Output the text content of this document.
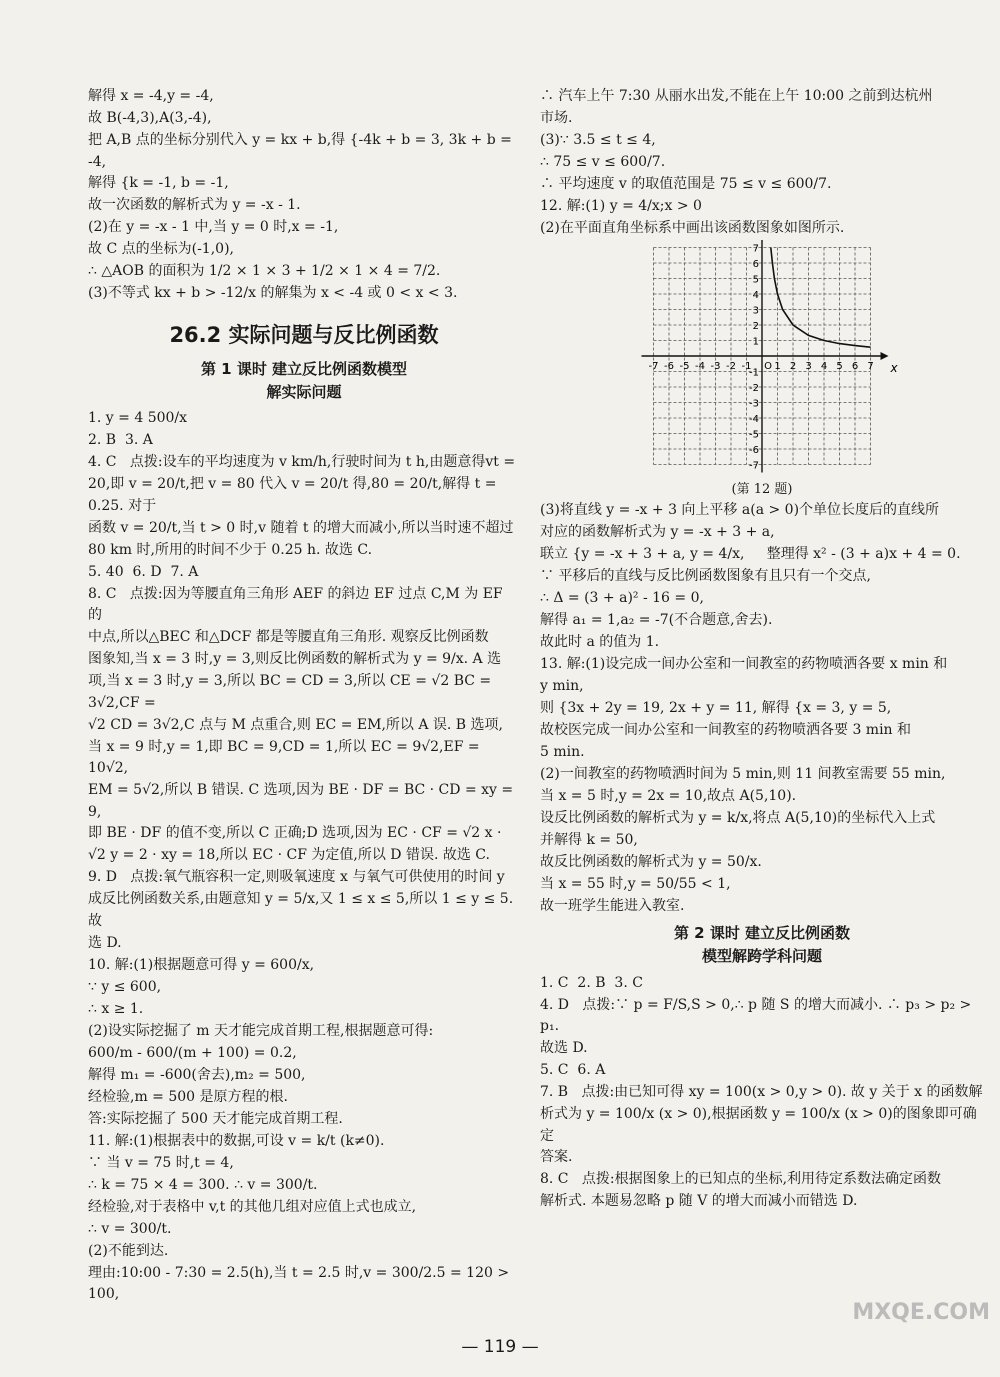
解得 x = -4,y = -4,
故 B(-4,3),A(3,-4),
把 A,B 点的坐标分别代入 y = kx + b,得 {-4k + b = 3, 3k + b = -4,
解得 {k = -1, b = -1,
故一次函数的解析式为 y = -x - 1.
(2)在 y = -x - 1 中,当 y = 0 时,x = -1,
故 C 点的坐标为(-1,0),
∴ △AOB 的面积为 1/2 × 1 × 3 + 1/2 × 1 × 4 = 7/2.
(3)不等式 kx + b > -12/x 的解集为 x < -4 或 0 < x < 3.
26.2 实际问题与反比例函数
第 1 课时 建立反比例函数模型
解实际问题
1. y = 4 500/x
2. B  3. A
4. C   点拨:设车的平均速度为 v km/h,行驶时间为 t h,由题意得vt =
20,即 v = 20/t,把 v = 80 代入 v = 20/t 得,80 = 20/t,解得 t = 0.25. 对于
函数 v = 20/t,当 t > 0 时,v 随着 t 的增大而减小,所以当时速不超过
80 km 时,所用的时间不少于 0.25 h. 故选 C.
5. 40  6. D  7. A
8. C   点拨:因为等腰直角三角形 AEF 的斜边 EF 过点 C,M 为 EF 的
中点,所以△BEC 和△DCF 都是等腰直角三角形. 观察反比例函数
图象知,当 x = 3 时,y = 3,则反比例函数的解析式为 y = 9/x. A 选
项,当 x = 3 时,y = 3,所以 BC = CD = 3,所以 CE = √2 BC = 3√2,CF =
√2 CD = 3√2,C 点与 M 点重合,则 EC = EM,所以 A 误. B 选项,
当 x = 9 时,y = 1,即 BC = 9,CD = 1,所以 EC = 9√2,EF = 10√2,
EM = 5√2,所以 B 错误. C 选项,因为 BE · DF = BC · CD = xy = 9,
即 BE · DF 的值不变,所以 C 正确;D 选项,因为 EC · CF = √2 x ·
√2 y = 2 · xy = 18,所以 EC · CF 为定值,所以 D 错误. 故选 C.
9. D   点拨:氧气瓶容积一定,则吸氧速度 x 与氧气可供使用的时间 y
成反比例函数关系,由题意知 y = 5/x,又 1 ≤ x ≤ 5,所以 1 ≤ y ≤ 5. 故
选 D.
10. 解:(1)根据题意可得 y = 600/x,
∵ y ≤ 600,
∴ x ≥ 1.
(2)设实际挖掘了 m 天才能完成首期工程,根据题意可得:
600/m - 600/(m + 100) = 0.2,
解得 m₁ = -600(舍去),m₂ = 500,
经检验,m = 500 是原方程的根.
答:实际挖掘了 500 天才能完成首期工程.
11. 解:(1)根据表中的数据,可设 v = k/t (k≠0).
∵ 当 v = 75 时,t = 4,
∴ k = 75 × 4 = 300. ∴ v = 300/t.
经检验,对于表格中 v,t 的其他几组对应值上式也成立,
∴ v = 300/t.
(2)不能到达.
理由:10:00 - 7:30 = 2.5(h),当 t = 2.5 时,v = 300/2.5 = 120 > 100,
∴ 汽车上午 7:30 从丽水出发,不能在上午 10:00 之前到达杭州
市场.
(3)∵ 3.5 ≤ t ≤ 4,
∴ 75 ≤ v ≤ 600/7.
∴ 平均速度 v 的取值范围是 75 ≤ v ≤ 600/7.
12. 解:(1) y = 4/x;x > 0
(2)在平面直角坐标系中画出该函数图象如图所示.
x
-7 -6 -5 -4 -3 -2 -1 O 1 2 3 4 5 6 7
7
6
5
4
3
2
1
-1
-2
-3
-4
-5
-6
-7
(第 12 题)
(3)将直线 y = -x + 3 向上平移 a(a > 0)个单位长度后的直线所
对应的函数解析式为 y = -x + 3 + a,
联立 {y = -x + 3 + a, y = 4/x,     整理得 x² - (3 + a)x + 4 = 0.
∵ 平移后的直线与反比例函数图象有且只有一个交点,
∴ Δ = (3 + a)² - 16 = 0,
解得 a₁ = 1,a₂ = -7(不合题意,舍去).
故此时 a 的值为 1.
13. 解:(1)设完成一间办公室和一间教室的药物喷洒各要 x min 和
y min,
则 {3x + 2y = 19, 2x + y = 11, 解得 {x = 3, y = 5,
故校医完成一间办公室和一间教室的药物喷洒各要 3 min 和
5 min.
(2)一间教室的药物喷洒时间为 5 min,则 11 间教室需要 55 min,
当 x = 5 时,y = 2x = 10,故点 A(5,10).
设反比例函数的解析式为 y = k/x,将点 A(5,10)的坐标代入上式
并解得 k = 50,
故反比例函数的解析式为 y = 50/x.
当 x = 55 时,y = 50/55 < 1,
故一班学生能进入教室.
第 2 课时 建立反比例函数
模型解跨学科问题
1. C  2. B  3. C
4. D   点拨:∵ p = F/S,S > 0,∴ p 随 S 的增大而减小. ∴ p₃ > p₂ > p₁.
故选 D.
5. C  6. A
7. B   点拨:由已知可得 xy = 100(x > 0,y > 0). 故 y 关于 x 的函数解
析式为 y = 100/x (x > 0),根据函数 y = 100/x (x > 0)的图象即可确定
答案.
8. C   点拨:根据图象上的已知点的坐标,利用待定系数法确定函数
解析式. 本题易忽略 p 随 V 的增大而减小而错选 D.
— 119 —
MXQE.COM
